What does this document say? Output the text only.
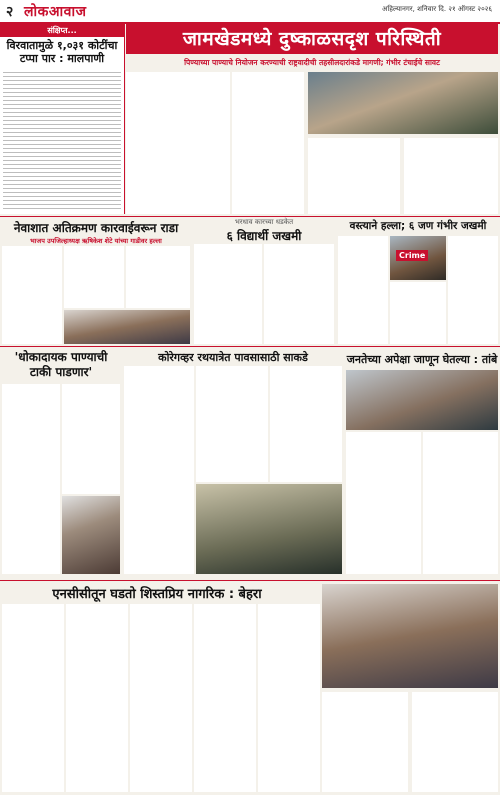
२ लोकआवाज	अहिल्यानगर, शनिवार दि. २१ ऑगस्ट २०२६
संक्षिप्त...
विरवातामुळे १,०३१ कोटींचा टप्पा पार : मालपाणी
जामखेडमध्ये दुष्काळसदृश परिस्थिती
पिण्याच्या पाण्याचे नियोजन करण्याची राष्ट्रवादीची तहसीलदारांकडे मागणी; गंभीर टंचाईचे सावट
नेवाशात अतिक्रमण कारवाईवरून राडा
भाजप उपजिल्हाध्यक्ष ऋषिकेश शेटे यांच्या गाडीवर हल्ला
भरधाव कारच्या धडकेत
६ विद्यार्थी जखमी
वस्त्याने हल्ला; ६ जण गंभीर जखमी
Crime
'धोकादायक पाण्याची टाकी पाडणार'
कोरेगव्हर रथयात्रेत पावसासाठी साकडे	जनतेच्या अपेक्षा जाणून घेतल्या : तांबे
एनसीसीतून घडतो शिस्तप्रिय नागरिक : बेहरा
